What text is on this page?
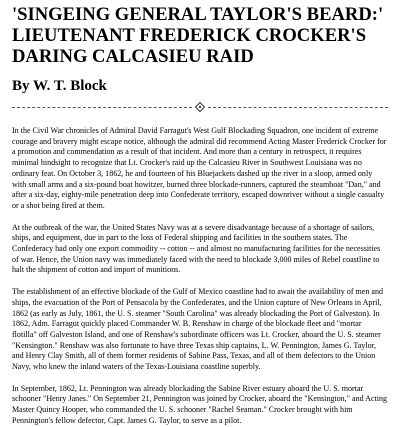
'SINGEING GENERAL TAYLOR'S BEARD:'
LIEUTENANT FREDERICK CROCKER'S
DARING CALCASIEU RAID
By W. T. Block

In the Civil War chronicles of Admiral David Farragut's West Gulf Blockading Squadron, one incident of extreme courage and bravery might escape notice, although the admiral did recommend Acting Master Frederick Crocker for a promotion and commendation as a result of that incident. And more than a century in retrospect, it requires minimal hindsight to recognize that Lt. Crocker's raid up the Calcasieu River in Southwest Louisiana was no ordinary feat. On October 3, 1862, he and fourteen of his Bluejackets dashed up the river in a sloop, armed only with small arms and a six-pound boat howitzer, burned three blockade-runners, captured the steamboat "Dan," and after a six-day, eighty-mile penetration deep into Confederate territory, escaped downriver without a single casualty or a shot being fired at them.

At the outbreak of the war, the United States Navy was at a severe disadvantage because of a shortage of sailors, ships, and equipment, due in part to the loss of Federal shipping and facilities in the southern states. The Confederacy had only one export commodity -- cotton -- and almost no manufacturing facilities for the necessities of war. Hence, the Union navy was immediately faced with the need to blockade 3,000 miles of Rebel coastline to halt the shipment of cotton and import of munitions.

The establishment of an effective blockade of the Gulf of Mexico coastline had to await the availability of men and ships, the evacuation of the Port of Pensacola by the Confederates, and the Union capture of New Orleans in April, 1862 (as early as July, 1861, the U. S. steamer "South Carolina" was already blockading the Port of Galveston). In 1862, Adm. Farragut quickly placed Commander W. B. Renshaw in charge of the blockade fleet and "mortar flotilla" off Galveston Island, and one of Renshaw's subordinate officers was Lt. Crocker, aboard the U. S. steamer "Kensington." Renshaw was also fortunate to have three Texas ship captains, L. W. Pennington, James G. Taylor, and Henry Clay Smith, all of them former residents of Sabine Pass, Texas, and all of them defectors to the Union Navy, who knew the inland waters of the Texas-Louisiana coastline superbly.

In September, 1862, Lt. Pennington was already blockading the Sabine River estuary aboard the U. S. mortar schooner "Henry Janes." On September 21, Pennington was joined by Crocker, aboard the "Kensington," and Acting Master Quincy Hooper, who commanded the U. S. schooner "Rachel Seaman." Crocker brought with him Pennington's fellow defector, Capt. James G. Taylor, to serve as a pilot.
